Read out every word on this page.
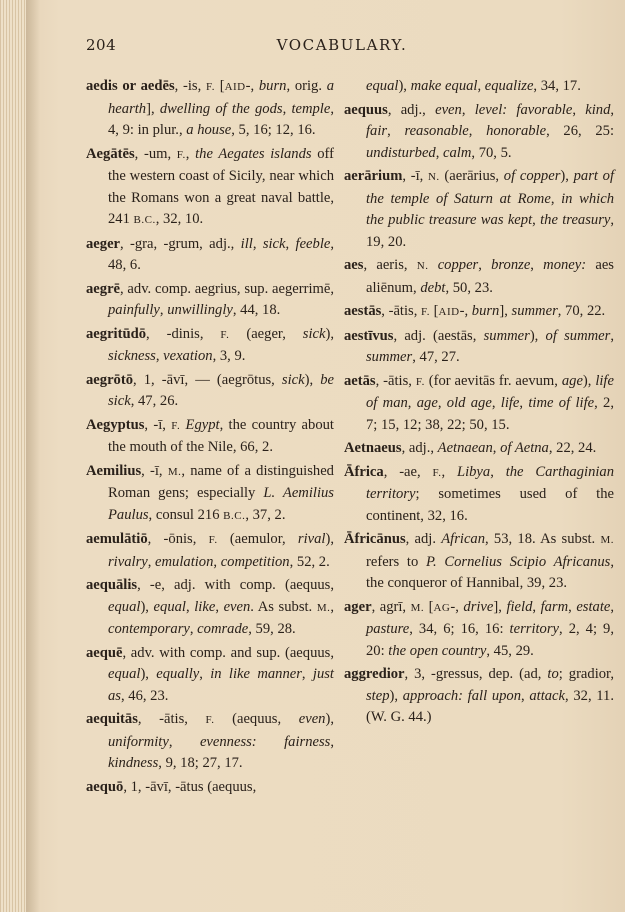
204	VOCABULARY.

aedis or aedēs, -is, F. [AID-, burn, orig. a hearth], dwelling of the gods, temple, 4, 9: in plur., a house, 5, 16; 12, 16.

Aegātēs, -um, F., the Aegates islands off the western coast of Sicily, near which the Romans won a great naval battle, 241 B.C., 32, 10.

aeger, -gra, -grum, adj., ill, sick, feeble, 48, 6.

aegrē, adv. comp. aegrius, sup. aegerrimē, painfully, unwillingly, 44, 18.

aegritūdō, -dinis, F. (aeger, sick), sickness, vexation, 3, 9.

aegrōtō, 1, -āvī, — (aegrōtus, sick), be sick, 47, 26.

Aegyptus, -ī, F. Egypt, the country about the mouth of the Nile, 66, 2.

Aemilius, -ī, M., name of a distinguished Roman gens; especially L. Aemilius Paulus, consul 216 B.C., 37, 2.

aemulātiō, -ōnis, F. (aemulor, rival), rivalry, emulation, competition, 52, 2.

aequālis, -e, adj. with comp. (aequus, equal), equal, like, even. As subst. M., contemporary, comrade, 59, 28.

aequē, adv. with comp. and sup. (aequus, equal), equally, in like manner, just as, 46, 23.

aequitās, -ātis, F. (aequus, even), uniformity, evenness: fairness, kindness, 9, 18; 27, 17.

aequō, 1, -āvī, -ātus (aequus,

equal), make equal, equalize, 34, 17.

aequus, adj., even, level: favorable, kind, fair, reasonable, honorable, 26, 25: undisturbed, calm, 70, 5.

aerārium, -ī, N. (aerārius, of copper), part of the temple of Saturn at Rome, in which the public treasure was kept, the treasury, 19, 20.

aes, aeris, N. copper, bronze, money: aes aliēnum, debt, 50, 23.

aestās, -ātis, F. [AID-, burn], summer, 70, 22.

aestīvus, adj. (aestās, summer), of summer, summer, 47, 27.

aetās, -ātis, F. (for aevitās fr. aevum, age), life of man, age, old age, life, time of life, 2, 7; 15, 12; 38, 22; 50, 15.

Aetnaeus, adj., Aetnaean, of Aetna, 22, 24.

Āfrica, -ae, F., Libya, the Carthaginian territory; sometimes used of the continent, 32, 16.

Āfricānus, adj. African, 53, 18. As subst. M. refers to P. Cornelius Scipio Africanus, the conqueror of Hannibal, 39, 23.

ager, agrī, M. [AG-, drive], field, farm, estate, pasture, 34, 6; 16, 16: territory, 2, 4; 9, 20: the open country, 45, 29.

aggredior, 3, -gressus, dep. (ad, to; gradior, step), approach: fall upon, attack, 32, 11. (W. G. 44.)
